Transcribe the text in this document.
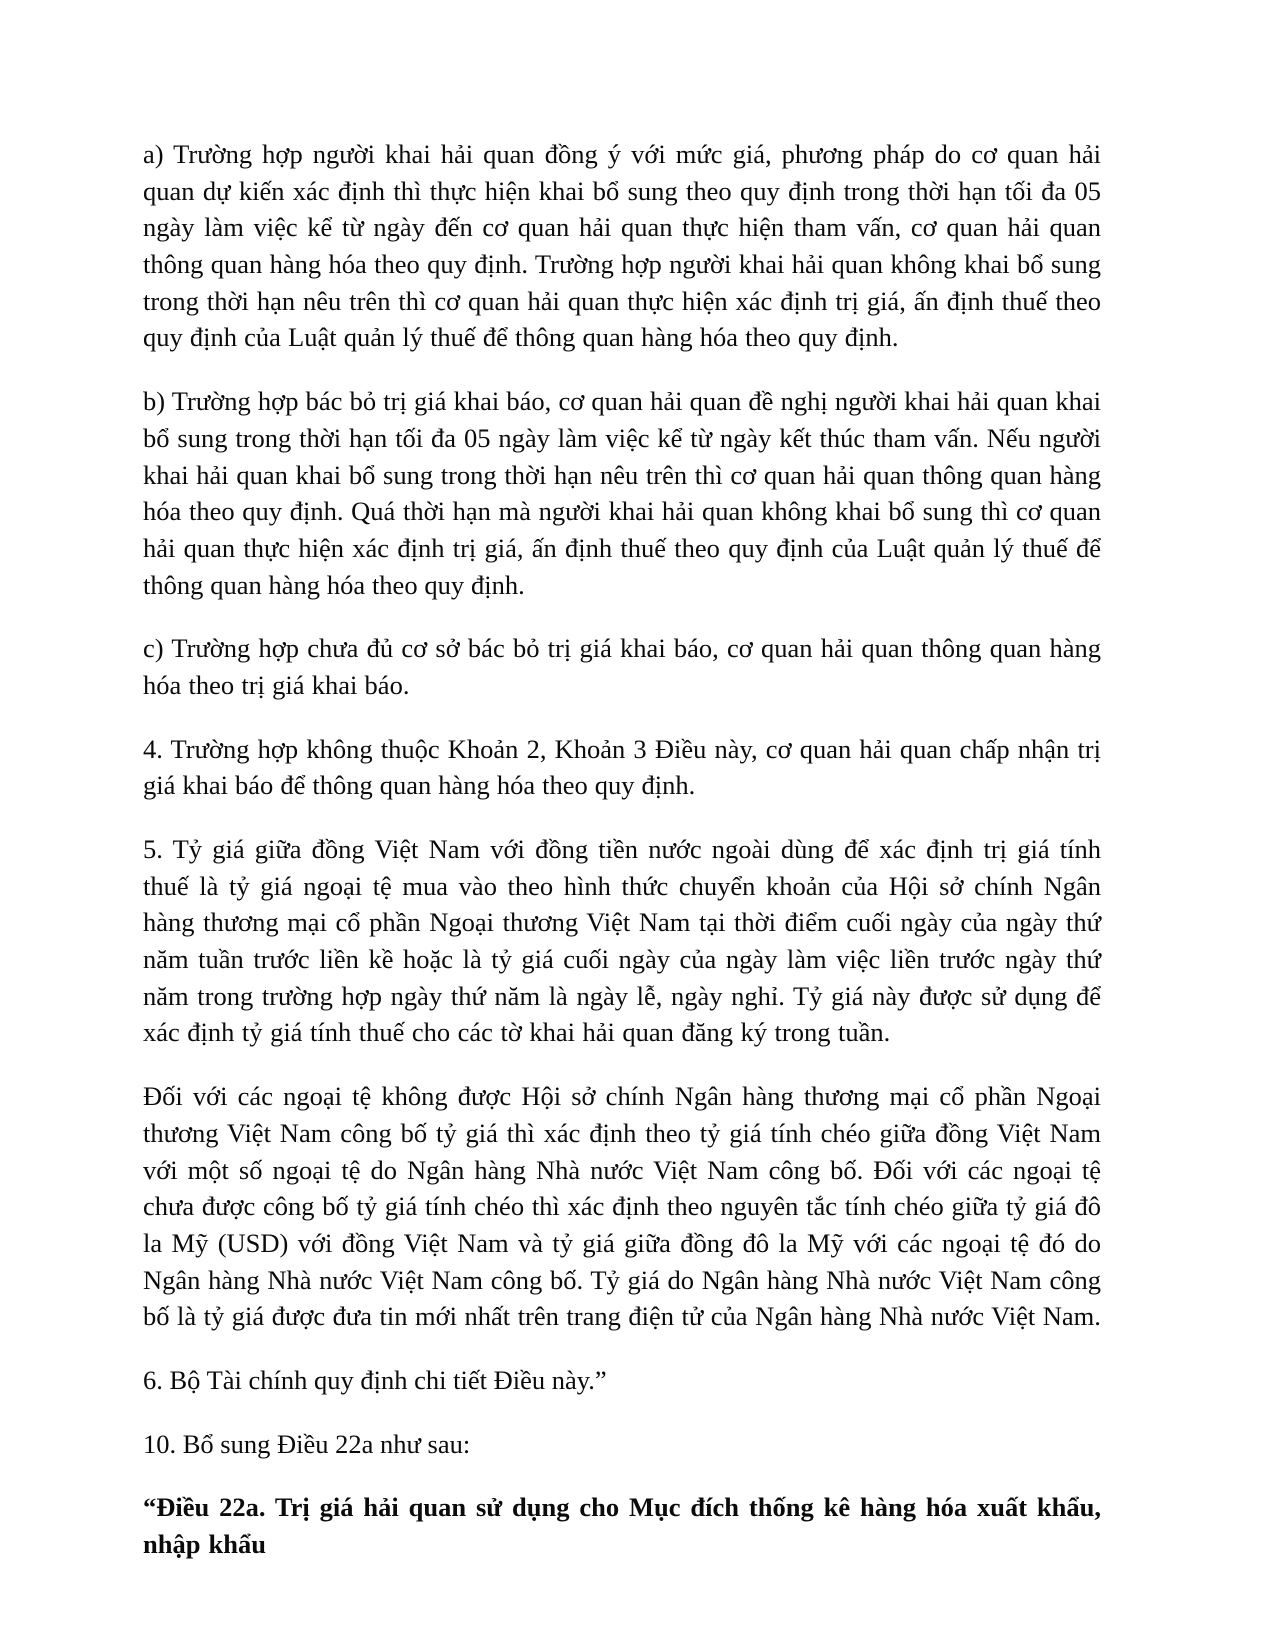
a) Trường hợp người khai hải quan đồng ý với mức giá, phương pháp do cơ quan hải quan dự kiến xác định thì thực hiện khai bổ sung theo quy định trong thời hạn tối đa 05 ngày làm việc kể từ ngày đến cơ quan hải quan thực hiện tham vấn, cơ quan hải quan thông quan hàng hóa theo quy định. Trường hợp người khai hải quan không khai bổ sung trong thời hạn nêu trên thì cơ quan hải quan thực hiện xác định trị giá, ấn định thuế theo quy định của Luật quản lý thuế để thông quan hàng hóa theo quy định.

b) Trường hợp bác bỏ trị giá khai báo, cơ quan hải quan đề nghị người khai hải quan khai bổ sung trong thời hạn tối đa 05 ngày làm việc kể từ ngày kết thúc tham vấn. Nếu người khai hải quan khai bổ sung trong thời hạn nêu trên thì cơ quan hải quan thông quan hàng hóa theo quy định. Quá thời hạn mà người khai hải quan không khai bổ sung thì cơ quan hải quan thực hiện xác định trị giá, ấn định thuế theo quy định của Luật quản lý thuế để thông quan hàng hóa theo quy định.

c) Trường hợp chưa đủ cơ sở bác bỏ trị giá khai báo, cơ quan hải quan thông quan hàng hóa theo trị giá khai báo.

4. Trường hợp không thuộc Khoản 2, Khoản 3 Điều này, cơ quan hải quan chấp nhận trị giá khai báo để thông quan hàng hóa theo quy định.

5. Tỷ giá giữa đồng Việt Nam với đồng tiền nước ngoài dùng để xác định trị giá tính thuế là tỷ giá ngoại tệ mua vào theo hình thức chuyển khoản của Hội sở chính Ngân hàng thương mại cổ phần Ngoại thương Việt Nam tại thời điểm cuối ngày của ngày thứ năm tuần trước liền kề hoặc là tỷ giá cuối ngày của ngày làm việc liền trước ngày thứ năm trong trường hợp ngày thứ năm là ngày lễ, ngày nghỉ. Tỷ giá này được sử dụng để xác định tỷ giá tính thuế cho các tờ khai hải quan đăng ký trong tuần.

Đối với các ngoại tệ không được Hội sở chính Ngân hàng thương mại cổ phần Ngoại thương Việt Nam công bố tỷ giá thì xác định theo tỷ giá tính chéo giữa đồng Việt Nam với một số ngoại tệ do Ngân hàng Nhà nước Việt Nam công bố. Đối với các ngoại tệ chưa được công bố tỷ giá tính chéo thì xác định theo nguyên tắc tính chéo giữa tỷ giá đô la Mỹ (USD) với đồng Việt Nam và tỷ giá giữa đồng đô la Mỹ với các ngoại tệ đó do Ngân hàng Nhà nước Việt Nam công bố. Tỷ giá do Ngân hàng Nhà nước Việt Nam công bố là tỷ giá được đưa tin mới nhất trên trang điện tử của Ngân hàng Nhà nước Việt Nam.

6. Bộ Tài chính quy định chi tiết Điều này.”

10. Bổ sung Điều 22a như sau:

“Điều 22a. Trị giá hải quan sử dụng cho Mục đích thống kê hàng hóa xuất khẩu, nhập khẩu
